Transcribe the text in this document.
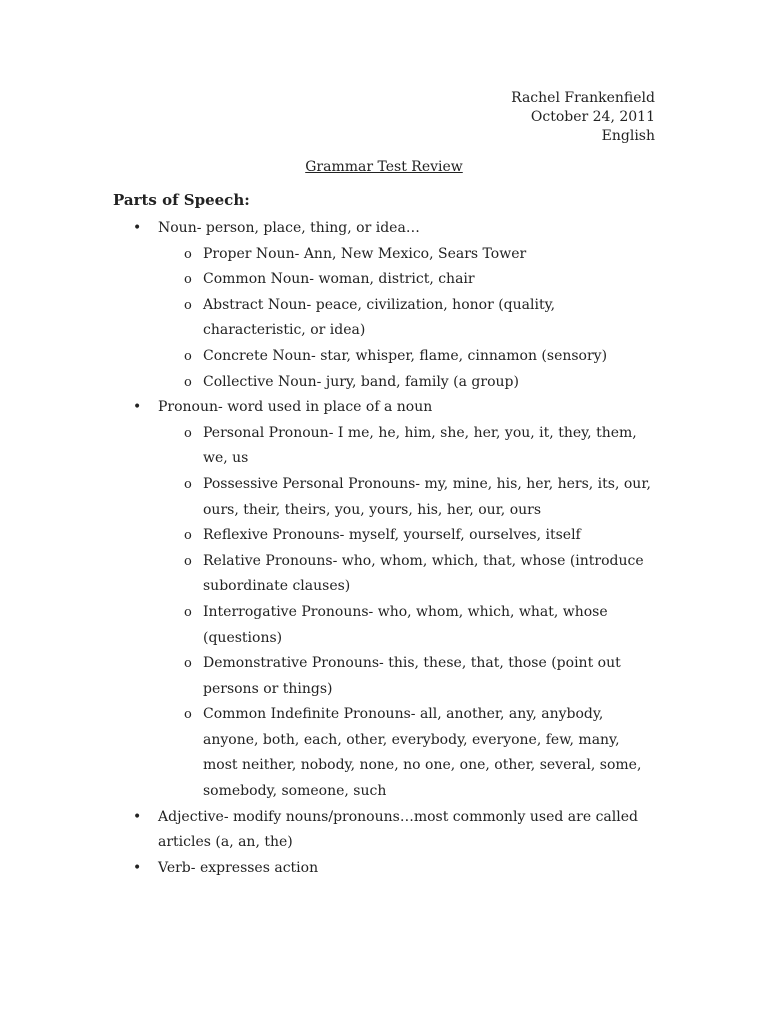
Rachel Frankenfield
October 24, 2011
English
Grammar Test Review
Parts of Speech:
• Noun- person, place, thing, or idea…
o Proper Noun- Ann, New Mexico, Sears Tower
o Common Noun- woman, district, chair
o Abstract Noun- peace, civilization, honor (quality, characteristic, or idea)
o Concrete Noun- star, whisper, flame, cinnamon (sensory)
o Collective Noun- jury, band, family (a group)
• Pronoun- word used in place of a noun
o Personal Pronoun- I me, he, him, she, her, you, it, they, them, we, us
o Possessive Personal Pronouns- my, mine, his, her, hers, its, our, ours, their, theirs, you, yours, his, her, our, ours
o Reflexive Pronouns- myself, yourself, ourselves, itself
o Relative Pronouns- who, whom, which, that, whose (introduce subordinate clauses)
o Interrogative Pronouns- who, whom, which, what, whose (questions)
o Demonstrative Pronouns- this, these, that, those (point out persons or things)
o Common Indefinite Pronouns- all, another, any, anybody, anyone, both, each, other, everybody, everyone, few, many, most neither, nobody, none, no one, one, other, several, some, somebody, someone, such
• Adjective- modify nouns/pronouns…most commonly used are called articles (a, an, the)
• Verb- expresses action
